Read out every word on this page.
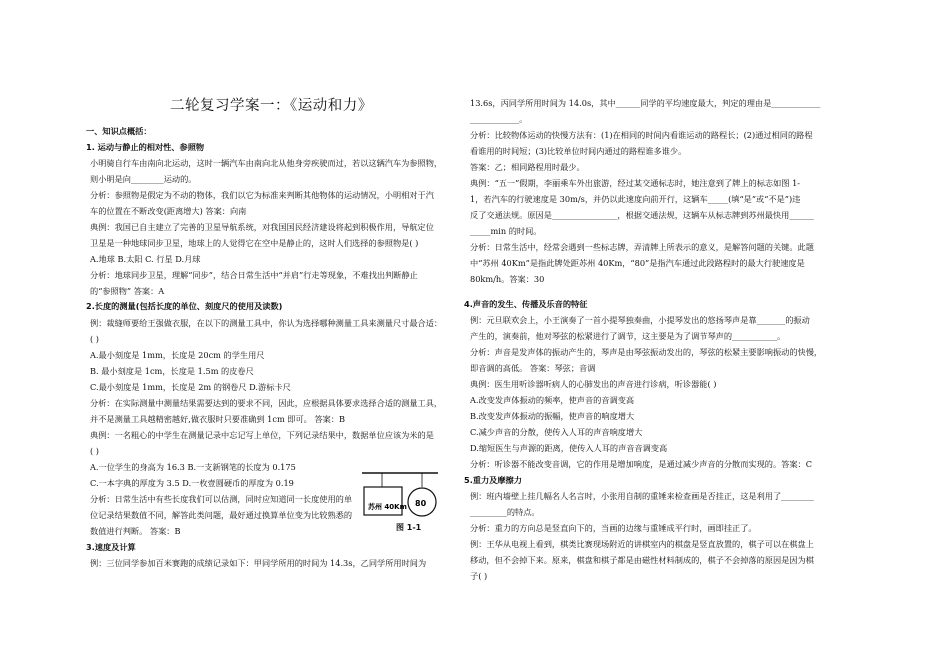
二轮复习学案一：《运动和力》
一、知识点概括：
1. 运动与静止的相对性、参照物
小明骑自行车由南向北运动，这时一辆汽车由南向北从他身旁疾驶而过，若以这辆汽车为参照物，
则小明是向________运动的。
分析：参照物是假定为不动的物体，我们以它为标准来判断其他物体的运动情况，小明相对于汽
车的位置在不断改变(距离增大) 答案：向南
典例：我国已自主建立了完善的卫星导航系统，对我国国民经济建设将起到积极作用，导航定位
卫星是一种地球同步卫星，地球上的人觉得它在空中是静止的，这时人们选择的参照物是( )
A.地球 B.太阳 C. 行星 D.月球
分析：地球同步卫星，理解“同步”，结合日常生活中“并肩”行走等现象，不难找出判断静止
的“参照物” 答案：A
2.长度的测量(包括长度的单位、刻度尺的使用及读数)
例：裁缝师要给王强做衣服，在以下的测量工具中，你认为选择哪种测量工具来测量尺寸最合适：
( )
A.最小刻度是 1mm，长度是 20cm 的学生用尺
B. 最小刻度是 1cm，长度是 1.5m 的皮卷尺
C.最小刻度是 1mm，长度是 2m 的钢卷尺 D.游标卡尺
分析：在实际测量中测量结果需要达到的要求不同，因此，应根据具体要求选择合适的测量工具，
并不是测量工具越精密越好,做衣服时只要准确到 1cm 即可。 答案：B
典例：一名粗心的中学生在测量记录中忘记写上单位，下列记录结果中，数据单位应该为米的是
( )
A.一位学生的身高为 16.3 B.一支新钢笔的长度为 0.175
C.一本字典的厚度为 3.5 D.一枚壹圆硬币的厚度为 0.19
分析：日常生活中有些长度我们可以估测，同时应知道同一长度使用的单
位记录结果数值不同，解答此类问题，最好通过换算单位变为比较熟悉的
数值进行判断。 答案：B
3.速度及计算
例：三位同学参加百米赛跑的成绩记录如下：甲同学所用的时间为 14.3s，乙同学所用时间为
13.6s，丙同学所用时间为 14.0s，其中______同学的平均速度最大，判定的理由是____________
____________。
分析：比较物体运动的快慢方法有：(1)在相同的时间内看谁运动的路程长；(2)通过相同的路程
看谁用的时间短；(3)比较单位时间内通过的路程谁多谁少。
答案：乙；相同路程用时最少。
典例：“五一”假期，李丽乘车外出旅游，经过某交通标志时，她注意到了牌上的标志如图 1-
1，若汽车的行驶速度是 30m/s，并仍以此速度向前开行，这辆车_____(填“是”或“不是”)违
反了交通法规。原因是________________，根据交通法规，这辆车从标志牌到苏州最快用______
_____min 的时间。
分析：日常生活中，经常会遇到一些标志牌，弄清牌上所表示的意义，是解答问题的关键。此题
中“苏州 40Km”是指此牌处距苏州 40Km，“80”是指汽车通过此段路程时的最大行驶速度是
80km/h。答案：30
4.声音的发生、传播及乐音的特征
例：元旦联欢会上，小王演奏了一首小提琴独奏曲，小提琴发出的悠扬琴声是靠_______的振动
产生的，演奏前，他对琴弦的松紧进行了调节，这主要是为了调节琴声的___________。
分析：声音是发声体的振动产生的，琴声是由琴弦振动发出的，琴弦的松紧主要影响振动的快慢，
即音调的高低。 答案：琴弦；音调
典例：医生用听诊器听病人的心肺发出的声音进行诊病，听诊器能( )
A.改变发声体振动的频率，使声音的音调变高
B.改变发声体振动的振幅，使声音的响度增大
C.减少声音的分散，使传入人耳的声音响度增大
D.缩短医生与声源的距离，使传入人耳的声音音调变高
分析：听诊器不能改变音调，它的作用是增加响度，是通过减少声音的分散而实现的。答案：C
5.重力及摩擦力
例：班内墙壁上挂几幅名人名言时，小张用自制的重锤来检查画是否挂正，这是利用了________
_________的特点。
分析：重力的方向总是竖直向下的，当画的边缘与重锤成平行时，画即挂正了。
例：王华从电视上看到，棋类比赛现场附近的讲棋室内的棋盘是竖直放置的，棋子可以在棋盘上
移动，但不会掉下来。原来，棋盘和棋子都是由磁性材料制成的，棋子不会掉落的原因是因为棋
子( )
苏州 40Km 80
图 1-1
